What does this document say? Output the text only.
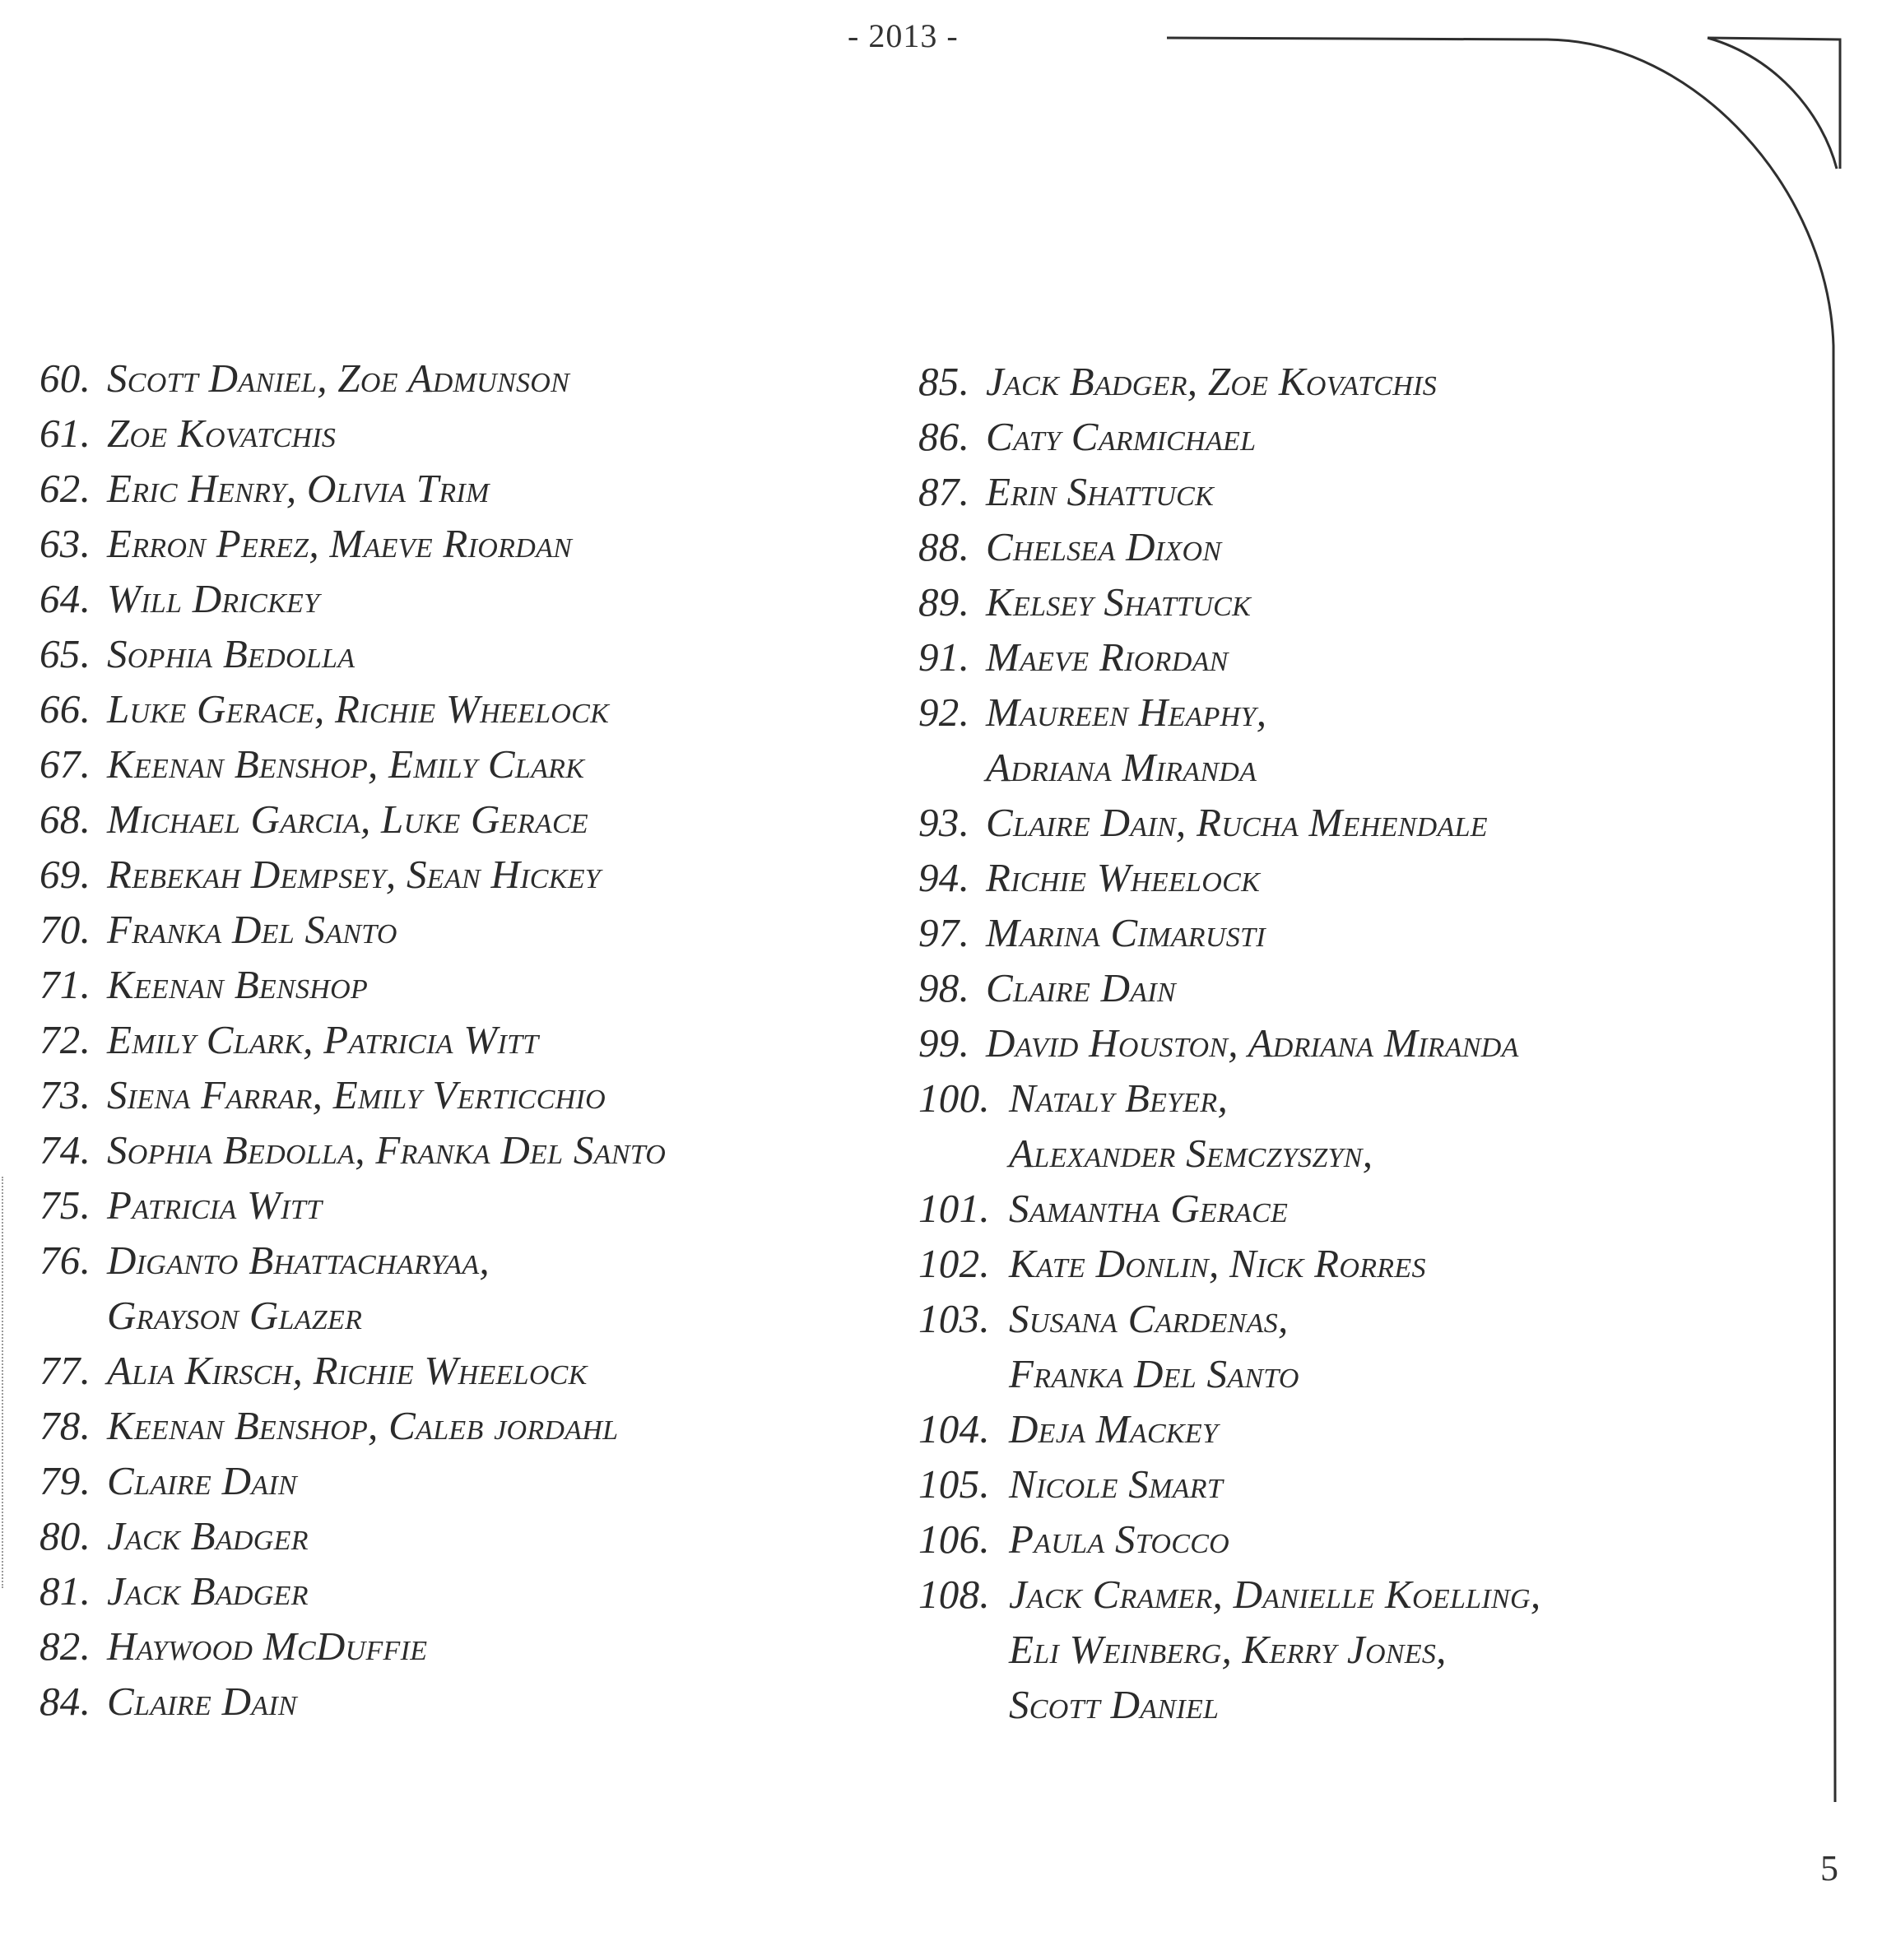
- 2013 -
60. Scott Daniel, Zoe Admunson
61. Zoe Kovatchis
62. Eric Henry, Olivia Trim
63. Erron Perez, Maeve Riordan
64. Will Drickey
65. Sophia Bedolla
66. Luke Gerace, Richie Wheelock
67. Keenan Benshop, Emily Clark
68. Michael Garcia, Luke Gerace
69. Rebekah Dempsey, Sean Hickey
70. Franka Del Santo
71. Keenan Benshop
72. Emily Clark, Patricia Witt
73. Siena Farrar, Emily Verticchio
74. Sophia Bedolla, Franka Del Santo
75. Patricia Witt
76. Diganto Bhattacharyaa,
Grayson Glazer
77. Alia Kirsch, Richie Wheelock
78. Keenan Benshop, Caleb jordahl
79. Claire Dain
80. Jack Badger
81. Jack Badger
82. Haywood McDuffie
84. Claire Dain
85. Jack Badger, Zoe Kovatchis
86. Caty Carmichael
87. Erin Shattuck
88. Chelsea Dixon
89. Kelsey Shattuck
91. Maeve Riordan
92. Maureen Heaphy,
Adriana Miranda
93. Claire Dain, Rucha Mehendale
94. Richie Wheelock
97. Marina Cimarusti
98. Claire Dain
99. David Houston, Adriana Miranda
100. Nataly Beyer,
Alexander Semczyszyn,
101. Samantha Gerace
102. Kate Donlin, Nick Rorres
103. Susana Cardenas,
Franka Del Santo
104. Deja Mackey
105. Nicole Smart
106. Paula Stocco
108. Jack Cramer, Danielle Koelling,
Eli Weinberg, Kerry Jones,
Scott Daniel
5
